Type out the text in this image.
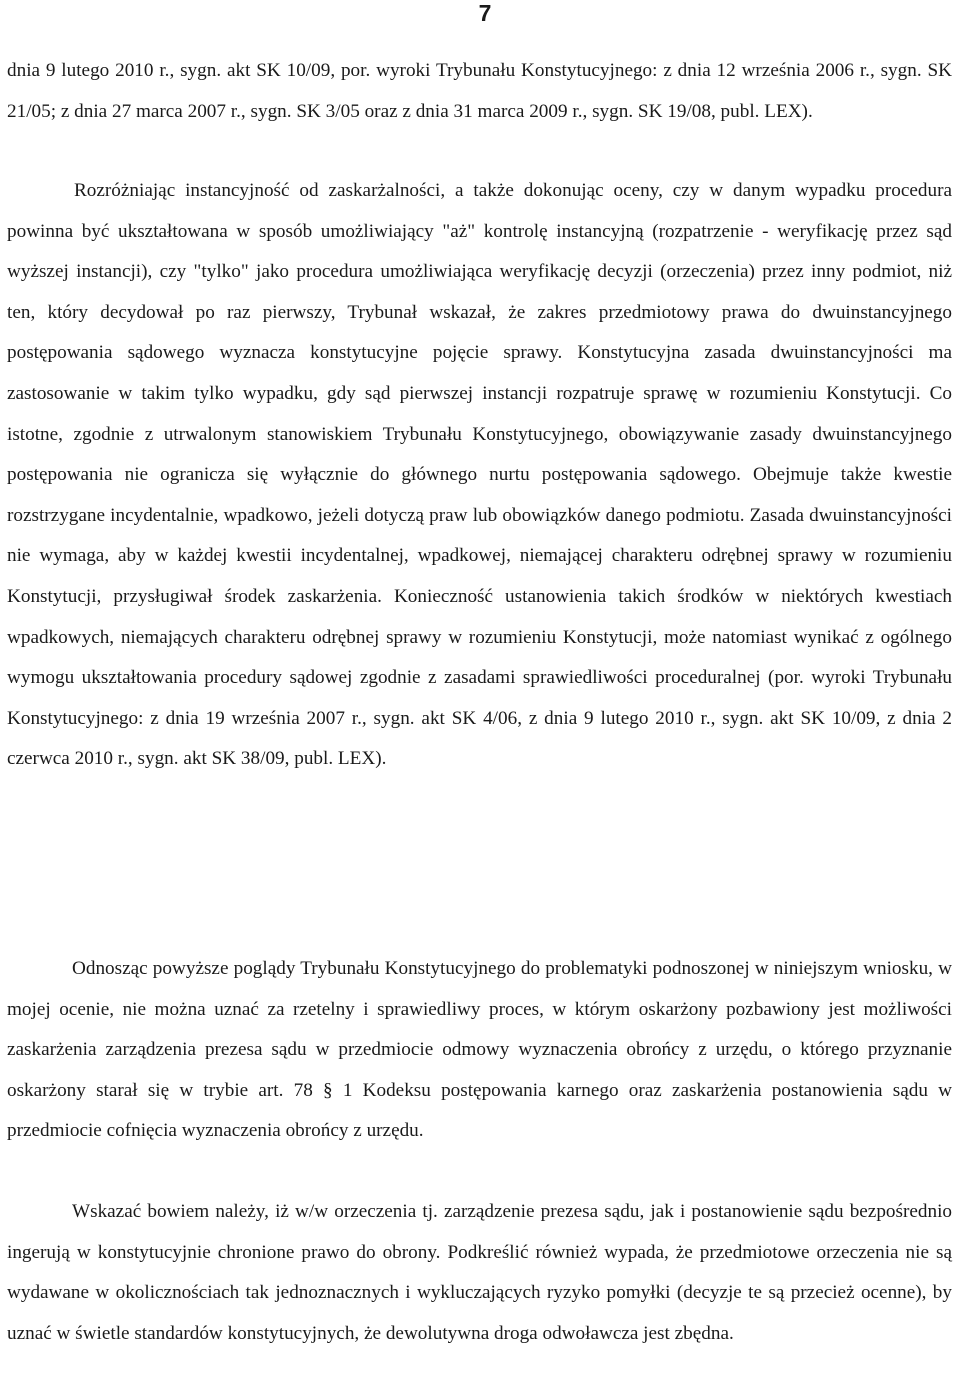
7

dnia 9 lutego 2010 r., sygn. akt SK 10/09, por. wyroki Trybunału Konstytucyjnego: z dnia 12 września 2006 r., sygn. SK 21/05; z dnia 27 marca 2007 r., sygn. SK 3/05 oraz z dnia 31 marca 2009 r., sygn. SK 19/08, publ. LEX).

Rozróżniając instancyjność od zaskarżalności, a także dokonując oceny, czy w danym wypadku procedura powinna być ukształtowana w sposób umożliwiający "aż" kontrolę instancyjną (rozpatrzenie - weryfikację przez sąd wyższej instancji), czy "tylko" jako procedura umożliwiająca weryfikację decyzji (orzeczenia) przez inny podmiot, niż ten, który decydował po raz pierwszy, Trybunał wskazał, że zakres przedmiotowy prawa do dwuinstancyjnego postępowania sądowego wyznacza konstytucyjne pojęcie sprawy. Konstytucyjna zasada dwuinstancyjności ma zastosowanie w takim tylko wypadku, gdy sąd pierwszej instancji rozpatruje sprawę w rozumieniu Konstytucji. Co istotne, zgodnie z utrwalonym stanowiskiem Trybunału Konstytucyjnego, obowiązywanie zasady dwuinstancyjnego postępowania nie ogranicza się wyłącznie do głównego nurtu postępowania sądowego. Obejmuje także kwestie rozstrzygane incydentalnie, wpadkowo, jeżeli dotyczą praw lub obowiązków danego podmiotu. Zasada dwuinstancyjności nie wymaga, aby w każdej kwestii incydentalnej, wpadkowej, niemającej charakteru odrębnej sprawy w rozumieniu Konstytucji, przysługiwał środek zaskarżenia. Konieczność ustanowienia takich środków w niektórych kwestiach wpadkowych, niemających charakteru odrębnej sprawy w rozumieniu Konstytucji, może natomiast wynikać z ogólnego wymogu ukształtowania procedury sądowej zgodnie z zasadami sprawiedliwości proceduralnej (por. wyroki Trybunału Konstytucyjnego: z dnia 19 września 2007 r., sygn. akt SK 4/06, z dnia 9 lutego 2010 r., sygn. akt SK 10/09, z dnia 2 czerwca 2010 r., sygn. akt SK 38/09, publ. LEX).

Odnosząc powyższe poglądy Trybunału Konstytucyjnego do problematyki podnoszonej w niniejszym wniosku, w mojej ocenie, nie można uznać za rzetelny i sprawiedliwy proces, w którym oskarżony pozbawiony jest możliwości zaskarżenia zarządzenia prezesa sądu w przedmiocie odmowy wyznaczenia obrońcy z urzędu, o którego przyznanie oskarżony starał się w trybie art. 78 § 1 Kodeksu postępowania karnego oraz zaskarżenia postanowienia sądu w przedmiocie cofnięcia wyznaczenia obrońcy z urzędu.

Wskazać bowiem należy, iż w/w orzeczenia tj. zarządzenie prezesa sądu, jak i postanowienie sądu bezpośrednio ingerują w konstytucyjnie chronione prawo do obrony. Podkreślić również wypada, że przedmiotowe orzeczenia nie są wydawane w okolicznościach tak jednoznacznych i wykluczających ryzyko pomyłki (decyzje te są przecież ocenne), by uznać w świetle standardów konstytucyjnych, że dewolutywna droga odwoławcza jest zbędna.
